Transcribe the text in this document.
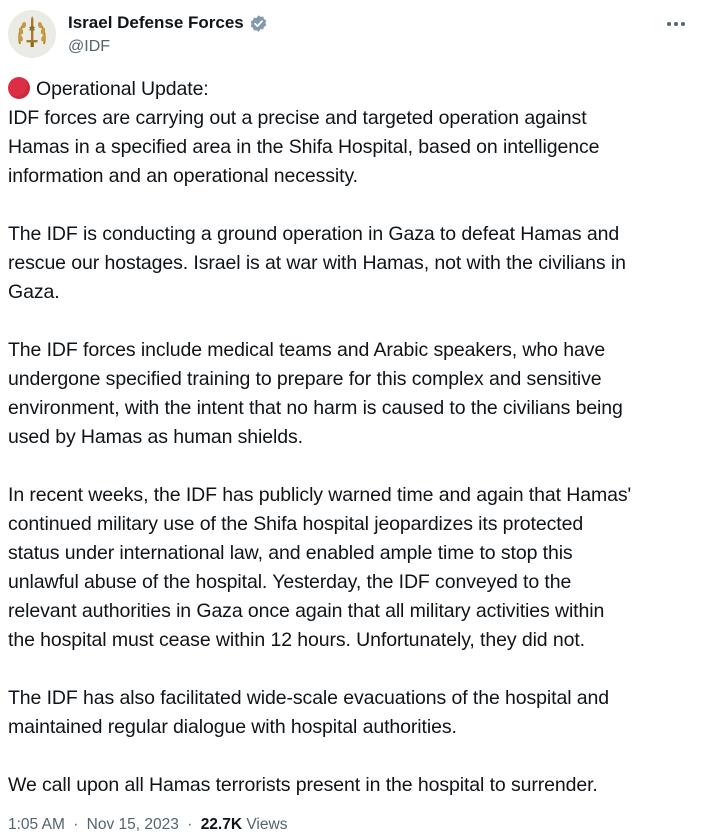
Israel Defense Forces
@IDF

Operational Update:
IDF forces are carrying out a precise and targeted operation against
Hamas in a specified area in the Shifa Hospital, based on intelligence
information and an operational necessity.

The IDF is conducting a ground operation in Gaza to defeat Hamas and
rescue our hostages. Israel is at war with Hamas, not with the civilians in
Gaza.

The IDF forces include medical teams and Arabic speakers, who have
undergone specified training to prepare for this complex and sensitive
environment, with the intent that no harm is caused to the civilians being
used by Hamas as human shields.

In recent weeks, the IDF has publicly warned time and again that Hamas'
continued military use of the Shifa hospital jeopardizes its protected
status under international law, and enabled ample time to stop this
unlawful abuse of the hospital. Yesterday, the IDF conveyed to the
relevant authorities in Gaza once again that all military activities within
the hospital must cease within 12 hours. Unfortunately, they did not.

The IDF has also facilitated wide-scale evacuations of the hospital and
maintained regular dialogue with hospital authorities.

We call upon all Hamas terrorists present in the hospital to surrender.

1:05 AM · Nov 15, 2023 · 22.7K Views
